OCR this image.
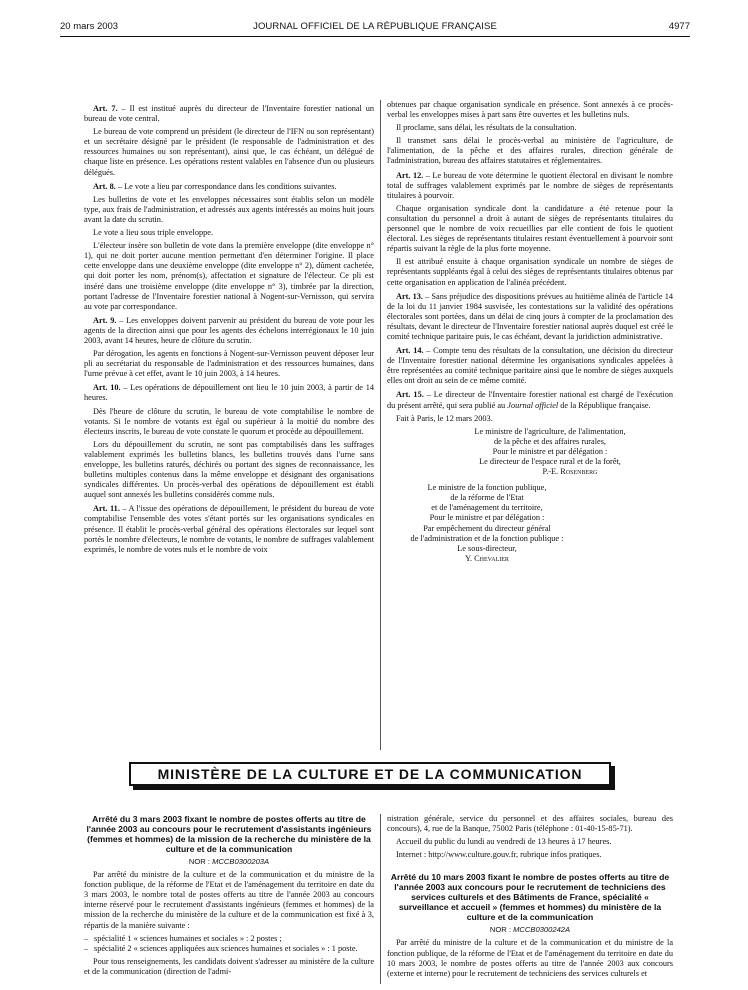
20 mars 2003	JOURNAL OFFICIEL DE LA RÉPUBLIQUE FRANÇAISE	4977

Art. 7. – Il est institué auprès du directeur de l'Inventaire forestier national un bureau de vote central.

Le bureau de vote comprend un président (le directeur de l'IFN ou son représentant) et un secrétaire désigné par le président (le responsable de l'administration et des ressources humaines ou son représentant), ainsi que, le cas échéant, un délégué de chaque liste en présence. Les opérations restent valables en l'absence d'un ou plusieurs délégués.

Art. 8. – Le vote a lieu par correspondance dans les conditions suivantes.

Les bulletins de vote et les enveloppes nécessaires sont établis selon un modèle type, aux frais de l'administration, et adressés aux agents intéressés au moins huit jours avant la date du scrutin.

Le vote a lieu sous triple enveloppe.

L'électeur insère son bulletin de vote dans la première enveloppe (dite enveloppe n° 1), qui ne doit porter aucune mention permettant d'en déterminer l'origine. Il place cette enveloppe dans une deuxième enveloppe (dite enveloppe n° 2), dûment cachetée, qui doit porter les nom, prénom(s), affectation et signature de l'électeur. Ce pli est inséré dans une troisième enveloppe (dite enveloppe n° 3), timbrée par la direction, portant l'adresse de l'Inventaire forestier national à Nogent-sur-Vernisson, qui servira au vote par correspondance.

Art. 9. – Les enveloppes doivent parvenir au président du bureau de vote pour les agents de la direction ainsi que pour les agents des échelons interrégionaux le 10 juin 2003, avant 14 heures, heure de clôture du scrutin.

Par dérogation, les agents en fonctions à Nogent-sur-Vernisson peuvent déposer leur pli au secrétariat du responsable de l'administration et des ressources humaines, dans l'urne prévue à cet effet, avant le 10 juin 2003, à 14 heures.

Art. 10. – Les opérations de dépouillement ont lieu le 10 juin 2003, à partir de 14 heures.

Dès l'heure de clôture du scrutin, le bureau de vote comptabilise le nombre de votants. Si le nombre de votants est égal ou supérieur à la moitié du nombre des électeurs inscrits, le bureau de vote constate le quorum et procède au dépouillement.

Lors du dépouillement du scrutin, ne sont pas comptabilisés dans les suffrages valablement exprimés les bulletins blancs, les bulletins trouvés dans l'urne sans enveloppe, les bulletins raturés, déchirés ou portant des signes de reconnaissance, les bulletins multiples contenus dans la même enveloppe et désignant des organisations syndicales différentes. Un procès-verbal des opérations de dépouillement est établi auquel sont annexés les bulletins considérés comme nuls.

Art. 11. – A l'issue des opérations de dépouillement, le président du bureau de vote comptabilise l'ensemble des votes s'étant portés sur les organisations syndicales en présence. Il établit le procès-verbal général des opérations électorales sur lequel sont portés le nombre d'électeurs, le nombre de votants, le nombre de suffrages valablement exprimés, le nombre de votes nuls et le nombre de voix

obtenues par chaque organisation syndicale en présence. Sont annexés à ce procès-verbal les enveloppes mises à part sans être ouvertes et les bulletins nuls.

Il proclame, sans délai, les résultats de la consultation.

Il transmet sans délai le procès-verbal au ministère de l'agriculture, de l'alimentation, de la pêche et des affaires rurales, direction générale de l'administration, bureau des affaires statutaires et réglementaires.

Art. 12. – Le bureau de vote détermine le quotient électoral en divisant le nombre total de suffrages valablement exprimés par le nombre de sièges de représentants titulaires à pourvoir.

Chaque organisation syndicale dont la candidature a été retenue pour la consultation du personnel a droit à autant de sièges de représentants titulaires du personnel que le nombre de voix recueillies par elle contient de fois le quotient électoral. Les sièges de représentants titulaires restant éventuellement à pourvoir sont répartis suivant la règle de la plus forte moyenne.

Il est attribué ensuite à chaque organisation syndicale un nombre de sièges de représentants suppléants égal à celui des sièges de représentants titulaires obtenus par cette organisation en application de l'alinéa précédent.

Art. 13. – Sans préjudice des dispositions prévues au huitième alinéa de l'article 14 de la loi du 11 janvier 1984 susvisée, les contestations sur la validité des opérations électorales sont portées, dans un délai de cinq jours à compter de la proclamation des résultats, devant le directeur de l'Inventaire forestier national auprès duquel est créé le comité technique paritaire puis, le cas échéant, devant la juridiction administrative.

Art. 14. – Compte tenu des résultats de la consultation, une décision du directeur de l'Inventaire forestier national détermine les organisations syndicales appelées à être représentées au comité technique paritaire ainsi que le nombre de sièges auxquels elles ont droit au sein de ce même comité.

Art. 15. – Le directeur de l'Inventaire forestier national est chargé de l'exécution du présent arrêté, qui sera publié au Journal officiel de la République française.

Fait à Paris, le 12 mars 2003.

Le ministre de l'agriculture, de l'alimentation,

de la pêche et des affaires rurales,

Pour le ministre et par délégation :

Le directeur de l'espace rural et de la forêt,

P.-E. Rosenberg

Le ministre de la fonction publique,

de la réforme de l'Etat

et de l'aménagement du territoire,

Pour le ministre et par délégation :

Par empêchement du directeur général

de l'administration et de la fonction publique :

Le sous-directeur,

Y. Chevalier

MINISTÈRE DE LA CULTURE ET DE LA COMMUNICATION

Arrêté du 3 mars 2003 fixant le nombre de postes offerts au titre de l'année 2003 au concours pour le recrutement d'assistants ingénieurs (femmes et hommes) de la mission de la recherche du ministère de la culture et de la communication

NOR : MCCB0300203A

Par arrêté du ministre de la culture et de la communication et du ministre de la fonction publique, de la réforme de l'Etat et de l'aménagement du territoire en date du 3 mars 2003, le nombre total de postes offerts au titre de l'année 2003 au concours interne réservé pour le recrutement d'assistants ingénieurs (femmes et hommes) de la mission de la recherche du ministère de la culture et de la communication est fixé à 3, répartis de la manière suivante :

– spécialité 1 « sciences humaines et sociales » : 2 postes ;

– spécialité 2 « sciences appliquées aux sciences humaines et sociales » : 1 poste.

Pour tous renseignements, les candidats doivent s'adresser au ministère de la culture et de la communication (direction de l'admi-

nistration générale, service du personnel et des affaires sociales, bureau des concours), 4, rue de la Banque, 75002 Paris (téléphone : 01-40-15-85-71).

Accueil du public du lundi au vendredi de 13 heures à 17 heures.

Internet : http://www.culture.gouv.fr, rubrique infos pratiques.

Arrêté du 10 mars 2003 fixant le nombre de postes offerts au titre de l'année 2003 aux concours pour le recrutement de techniciens des services culturels et des Bâtiments de France, spécialité « surveillance et accueil » (femmes et hommes) du ministère de la culture et de la communication

NOR : MCCB0300242A

Par arrêté du ministre de la culture et de la communication et du ministre de la fonction publique, de la réforme de l'Etat et de l'aménagement du territoire en date du 10 mars 2003, le nombre de postes offerts au titre de l'année 2003 aux concours (externe et interne) pour le recrutement de techniciens des services culturels et
